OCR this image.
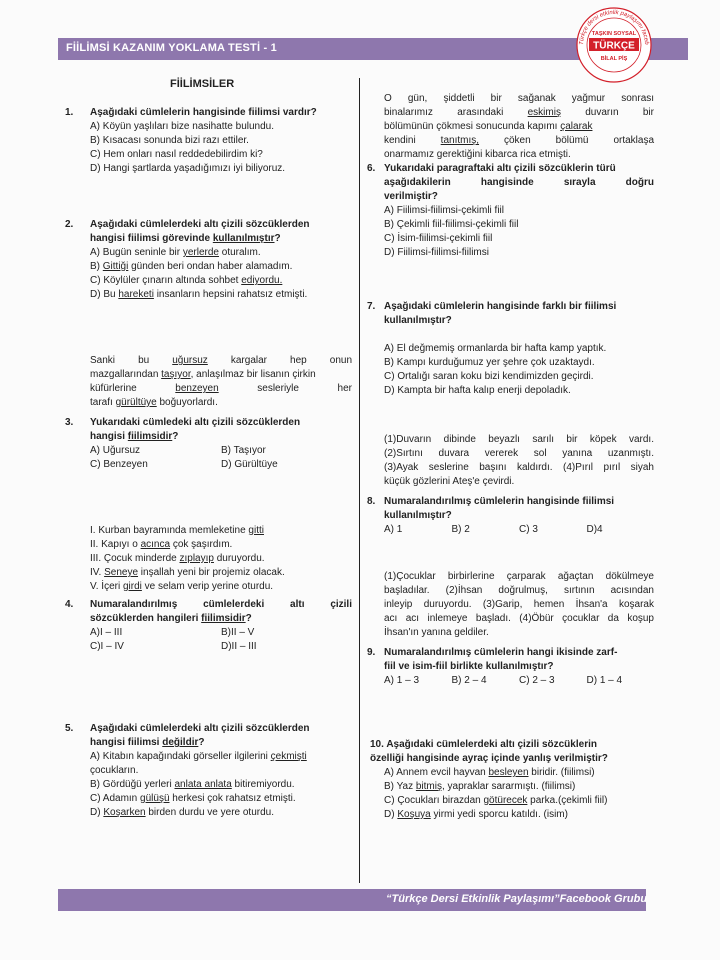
FİİLİMSİ KAZANIM YOKLAMA TESTİ - 1	Türkçe dersi etkinlik paylaşımı faceb
TAŞKIN SOYSAL
TÜRKÇE
BİLAL PİŞ
FİİLİMSİLER
1. Aşağıdaki cümlelerin hangisinde fiilimsi vardır?
A) Köyün yaşlıları bize nasihatte bulundu.
B) Kısacası sonunda bizi razı ettiler.
C) Hem onları nasıl reddedebilirdim ki?
D) Hangi şartlarda yaşadığımızı iyi biliyoruz.
2. Aşağıdaki cümlelerdeki altı çizili sözcüklerden
hangisi fiilimsi görevinde kullanılmıştır?
A) Bugün seninle bir yerlerde oturalım.
B) Gittiği günden beri ondan haber alamadım.
C) Köylüler çınarın altında sohbet ediyordu.
D) Bu hareketi insanların hepsini rahatsız etmişti.
Sanki bu uğursuz kargalar hep onun
mazgallarından taşıyor, anlaşılmaz bir lisanın çirkin
küfürlerine	benzeyen	sesleriyle	her
tarafı gürültüye boğuyorlardı.
3. Yukarıdaki cümledeki altı çizili sözcüklerden
hangisi fiilimsidir?
A) Uğursuz	B) Taşıyor
C) Benzeyen	D) Gürültüye
I. Kurban bayramında memleketine gitti
II. Kapıyı o acınca çok şaşırdım.
III. Çocuk minderde zıplayıp duruyordu.
IV. Seneye inşallah yeni bir projemiz olacak.
V. İçeri girdi ve selam verip yerine oturdu.
4. Numaralandırılmış	cümlelerdeki	altı	çizili
sözcüklerden hangileri fiilimsidir?
A)I – III	B)II – V
C)I – IV	D)II – III
5. Aşağıdaki cümlelerdeki altı çizili sözcüklerden
hangisi fiilimsi değildir?
A) Kitabın kapağındaki görseller ilgilerini çekmişti
çocukların.
B) Gördüğü yerleri anlata anlata bitiremiyordu.
C) Adamın gülüşü herkesi çok rahatsız etmişti.
D) Koşarken birden durdu ve yere oturdu.
O gün, şiddetli bir sağanak yağmur sonrası
binalarımız arasındaki eskimiş duvarın bir
bölümünün çökmesi sonucunda kapımı çalarak
kendini tanıtmış, çöken bölümü ortaklaşa
onarmamız gerektiğini kibarca rica etmişti.
6. Yukarıdaki paragraftaki altı çizili sözcüklerin türü
aşağıdakilerin	hangisinde	sırayla	doğru
verilmiştir?
A) Fiilimsi-fiilimsi-çekimli fiil
B) Çekimli fiil-fiilimsi-çekimli fiil
C) İsim-fiilimsi-çekimli fiil
D) Fiilimsi-fiilimsi-fiilimsi
7. Aşağıdaki cümlelerin hangisinde farklı bir fiilimsi
kullanılmıştır?
A) El değmemiş ormanlarda bir hafta kamp yaptık.
B) Kampı kurduğumuz yer şehre çok uzaktaydı.
C) Ortalığı saran koku bizi kendimizden geçirdi.
D) Kampta bir hafta kalıp enerji depoladık.
(1)Duvarın dibinde beyazlı sarılı bir köpek vardı.
(2)Sırtını duvara vererek sol yanına uzanmıştı.
(3)Ayak seslerine başını kaldırdı. (4)Pırıl pırıl siyah
küçük gözlerini Ateş'e çevirdi.
8. Numaralandırılmış cümlelerin hangisinde fiilimsi
kullanılmıştır?
A) 1	B) 2	C) 3	D)4
(1)Çocuklar birbirlerine çarparak ağaçtan dökülmeye
başladılar. (2)İhsan doğrulmuş, sırtının acısından
inleyip duruyordu. (3)Garip, hemen İhsan'a koşarak
acı acı inlemeye başladı. (4)Öbür çocuklar da koşup
İhsan'ın yanına geldiler.
9. Numaralandırılmış cümlelerin hangi ikisinde zarf-
fiil ve isim-fiil birlikte kullanılmıştır?
A) 1 – 3	B) 2 – 4	C) 2 – 3	D) 1 – 4
10. Aşağıdaki cümlelerdeki altı çizili sözcüklerin
özelliği hangisinde ayraç içinde yanlış verilmiştir?
A) Annem evcil hayvan besleyen biridir. (fiilimsi)
B) Yaz bitmiş, yapraklar sararmıştı. (fiilimsi)
C) Çocukları birazdan götürecek parka.(çekimli fiil)
D) Koşuya yirmi yedi sporcu katıldı. (isim)
“Türkçe Dersi Etkinlik Paylaşımı”Facebook Grubu
